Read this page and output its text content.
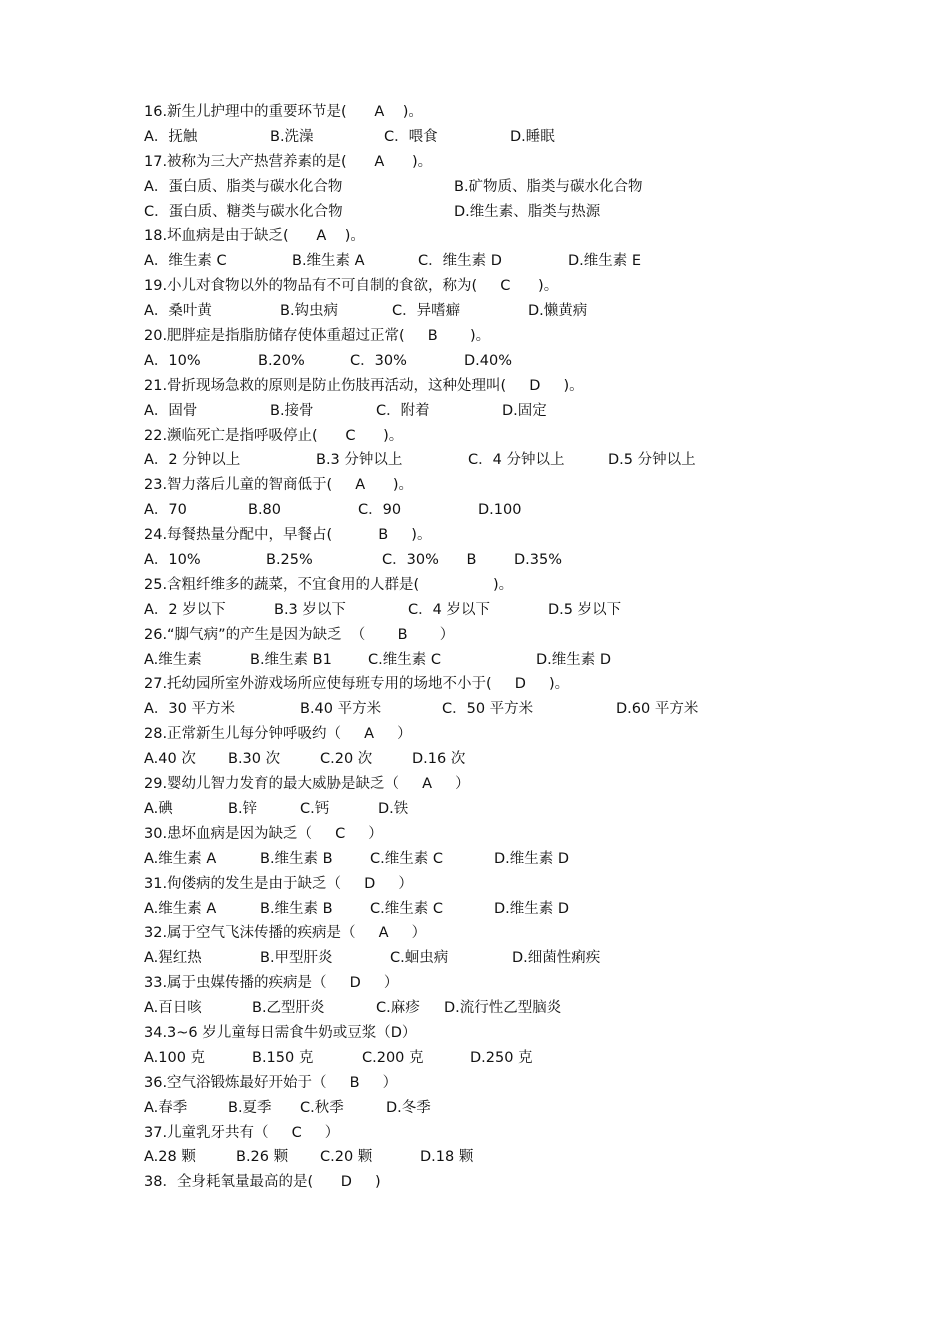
16.新生儿护理中的重要环节是(      A    )。

A．抚触

	B.洗澡

	C．喂食

	D.睡眠

17.被称为三大产热营养素的是(      A      )。

A．蛋白质、脂类与碳水化合物

	B.矿物质、脂类与碳水化合物

C．蛋白质、糖类与碳水化合物

	D.维生素、脂类与热源

18.坏血病是由于缺乏(      A    )。

A．维生素 C

	B.维生素 A

	C．维生素 D

	D.维生素 E

19.小儿对食物以外的物品有不可自制的食欲，称为(     C      )。

A．桑叶黄

	B.钩虫病

	C．异嗜癖

	D.懒黄病

20.肥胖症是指脂肪储存使体重超过正常(     B       )。

A．10%

	B.20%

	C．30%

	D.40%

21.骨折现场急救的原则是防止伤肢再活动，这种处理叫(     D     )。

A．固骨

	B.接骨

	C．附着

	D.固定

22.濒临死亡是指呼吸停止(      C      )。

A．2 分钟以上

	B.3 分钟以上

	C．4 分钟以上

	D.5 分钟以上

23.智力落后儿童的智商低于(     A      )。

A．70

	B.80

	C．90

	D.100

24.每餐热量分配中，早餐占(          B     )。

A．10%

	B.25%

	C．30%      B

	D.35%

25.含粗纤维多的蔬菜，不宜食用的人群是(                )。

A．2 岁以下

	B.3 岁以下

	C．4 岁以下

	D.5 岁以下

26.“脚气病”的产生是因为缺乏  （       B       ）

A.维生素

	B.维生素 B1

C.维生素 C

	D.维生素 D

27.托幼园所室外游戏场所应使每班专用的场地不小于(     D     )。

A．30 平方米

	B.40 平方米

	C．50 平方米

	D.60 平方米

28.正常新生儿每分钟呼吸约（     A     ）

A.40 次

B.30 次

	C.20 次

	D.16 次

29.婴幼儿智力发育的最大威胁是缺乏（     A     ）

A.碘

	B.锌

	C.钙

	D.铁

30.患坏血病是因为缺乏（     C     ）

A.维生素 A

	B.维生素 B

	C.维生素 C

	D.维生素 D

31.佝偻病的发生是由于缺乏（     D     ）

A.维生素 A

	B.维生素 B

	C.维生素 C

	D.维生素 D

32.属于空气飞沫传播的疾病是（     A     ）

A.猩红热

	B.甲型肝炎

	C.蛔虫病

	D.细菌性痢疾

33.属于虫媒传播的疾病是（     D     ）

A.百日咳

	B.乙型肝炎

	C.麻疹

D.流行性乙型脑炎

34.3~6 岁儿童每日需食牛奶或豆浆（D）

A.100 克

	B.150 克

	C.200 克

	D.250 克

36.空气浴锻炼最好开始于（     B     ）

A.春季

	B.夏季

C.秋季

	D.冬季

37.儿童乳牙共有（     C     ）

A.28 颗

	B.26 颗

C.20 颗

	D.18 颗

38．全身耗氧量最高的是(      D     )
